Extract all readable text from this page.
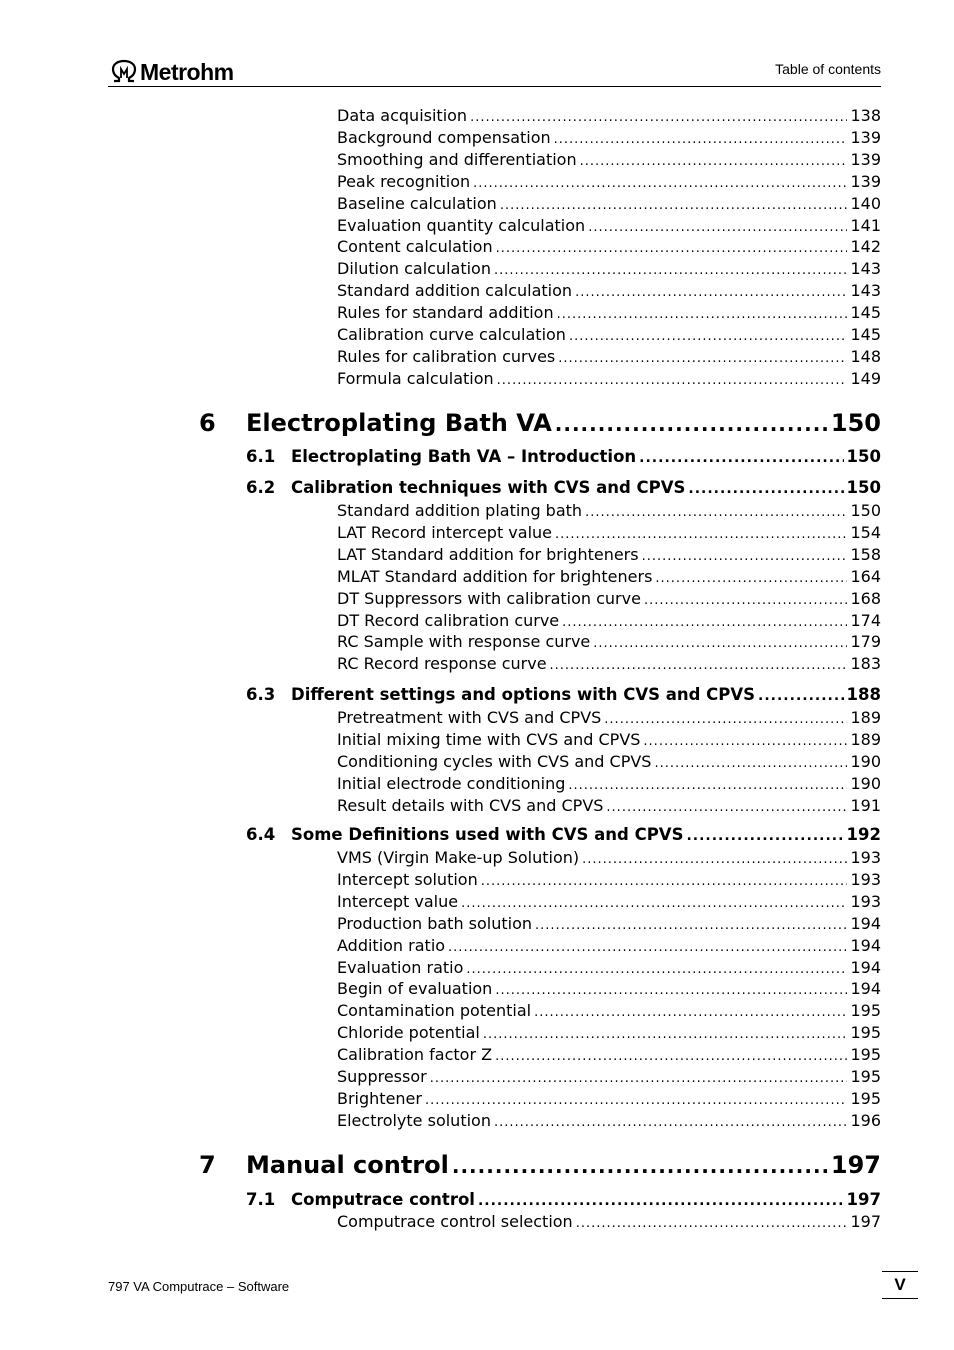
Metrohm	Table of contents
Data acquisition .....	138
Background compensation .....	139
Smoothing and differentiation .....	139
Peak recognition .....	139
Baseline calculation .....	140
Evaluation quantity calculation .....	141
Content calculation .....	142
Dilution calculation .....	143
Standard addition calculation .....	143
Rules for standard addition .....	145
Calibration curve calculation .....	145
Rules for calibration curves .....	148
Formula calculation .....	149
6 Electroplating Bath VA .....	150
6.1 Electroplating Bath VA – Introduction .....	150
6.2 Calibration techniques with CVS and CPVS .....	150
Standard addition plating bath .....	150
LAT Record intercept value .....	154
LAT Standard addition for brighteners .....	158
MLAT Standard addition for brighteners .....	164
DT Suppressors with calibration curve .....	168
DT Record calibration curve .....	174
RC Sample with response curve .....	179
RC Record response curve .....	183
6.3 Different settings and options with CVS and CPVS .....	188
Pretreatment with CVS and CPVS .....	189
Initial mixing time with CVS and CPVS .....	189
Conditioning cycles with CVS and CPVS .....	190
Initial electrode conditioning .....	190
Result details with CVS and CPVS .....	191
6.4 Some Definitions used with CVS and CPVS .....	192
VMS (Virgin Make-up Solution) .....	193
Intercept solution .....	193
Intercept value .....	193
Production bath solution .....	194
Addition ratio .....	194
Evaluation ratio .....	194
Begin of evaluation .....	194
Contamination potential .....	195
Chloride potential .....	195
Calibration factor Z .....	195
Suppressor .....	195
Brightener .....	195
Electrolyte solution .....	196
7 Manual control .....	197
7.1 Computrace control .....	197
Computrace control selection .....	197
797 VA Computrace – Software	V
